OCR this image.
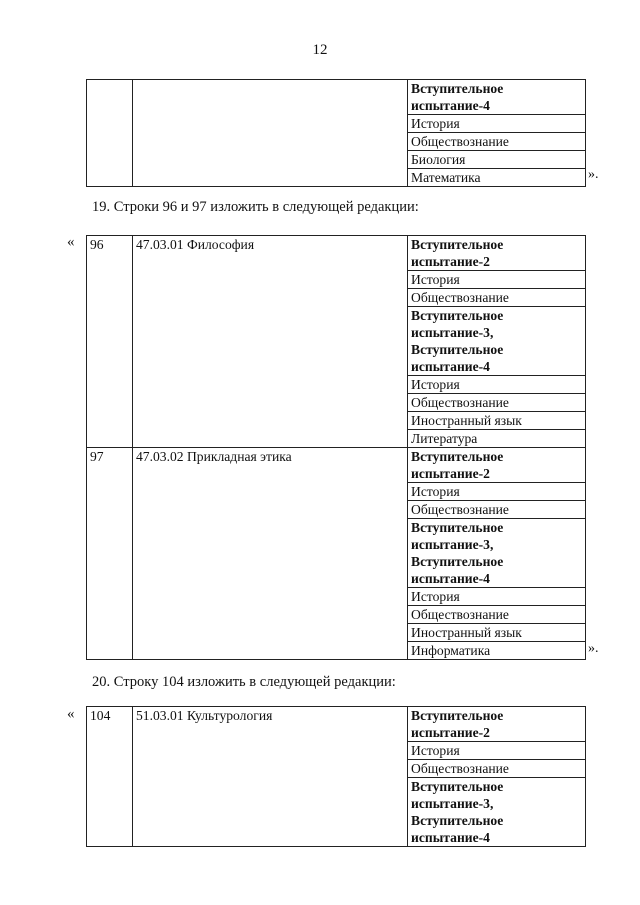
12
		Вступительное
испытание-4
История
Обществознание
Биология
Математика	».
19. Строки 96 и 97 изложить в следующей редакции:
« 96	47.03.01 Философия	Вступительное
		испытание-2
		История
		Обществознание
		Вступительное
		испытание-3,
		Вступительное
		испытание-4
		История
		Обществознание
		Иностранный язык
		Литература
97	47.03.02 Прикладная этика	Вступительное
		испытание-2
		История
		Обществознание
		Вступительное
		испытание-3,
		Вступительное
		испытание-4
		История
		Обществознание
		Иностранный язык
		Информатика	».
20. Строку 104 изложить в следующей редакции:
« 104	51.03.01 Культурология	Вступительное
испытание-2
История
Обществознание
Вступительное
испытание-3,
Вступительное
испытание-4
